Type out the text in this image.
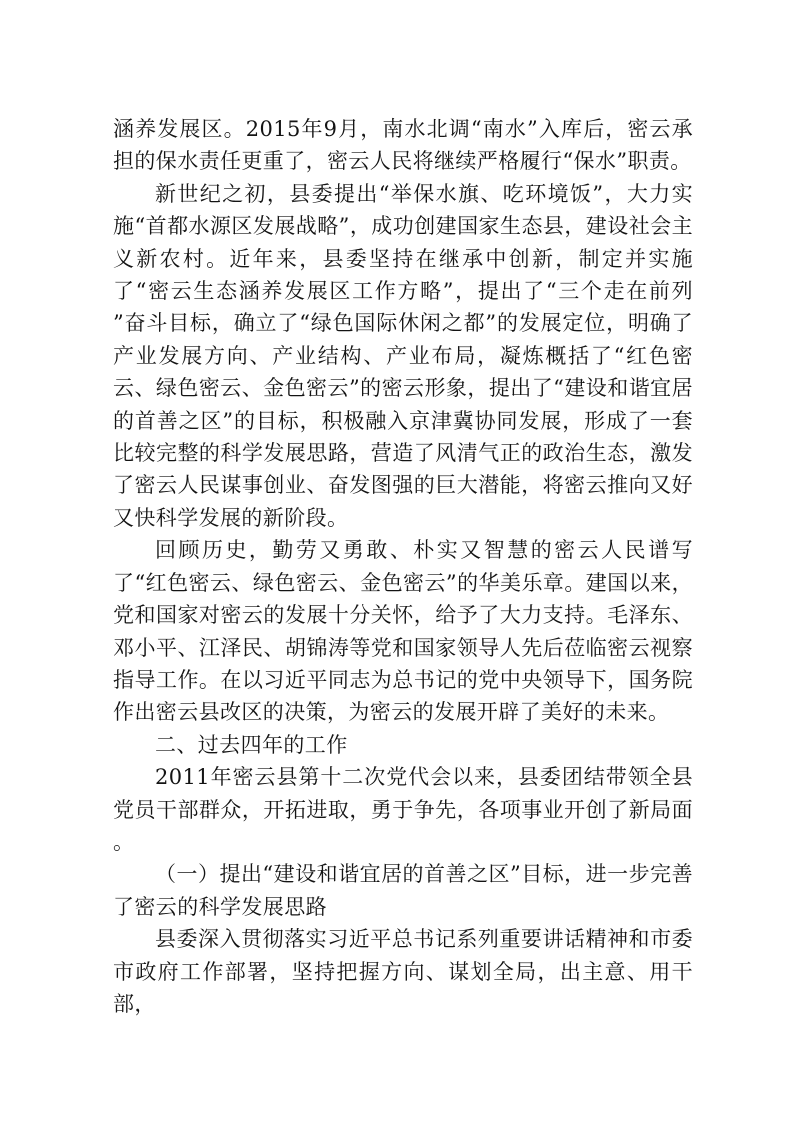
涵养发展区。2015年9月，南水北调“南水”入库后，密云承担的保水责任更重了，密云人民将继续严格履行“保水”职责。

新世纪之初，县委提出“举保水旗、吃环境饭”，大力实施“首都水源区发展战略”，成功创建国家生态县，建设社会主义新农村。近年来，县委坚持在继承中创新，制定并实施了“密云生态涵养发展区工作方略”，提出了“三个走在前列 ”奋斗目标，确立了“绿色国际休闲之都”的发展定位，明确了产业发展方向、产业结构、产业布局，凝炼概括了“红色密云、绿色密云、金色密云”的密云形象，提出了“建设和谐宜居的首善之区”的目标，积极融入京津冀协同发展，形成了一套比较完整的科学发展思路，营造了风清气正的政治生态，激发了密云人民谋事创业、奋发图强的巨大潜能，将密云推向又好又快科学发展的新阶段。

回顾历史，勤劳又勇敢、朴实又智慧的密云人民谱写了“红色密云、绿色密云、金色密云”的华美乐章。建国以来，党和国家对密云的发展十分关怀，给予了大力支持。毛泽东、邓小平、江泽民、胡锦涛等党和国家领导人先后莅临密云视察指导工作。在以习近平同志为总书记的党中央领导下，国务院作出密云县改区的决策，为密云的发展开辟了美好的未来。

二、过去四年的工作

2011年密云县第十二次党代会以来，县委团结带领全县党员干部群众，开拓进取，勇于争先，各项事业开创了新局面 。

（一）提出“建设和谐宜居的首善之区”目标，进一步完善了密云的科学发展思路

县委深入贯彻落实习近平总书记系列重要讲话精神和市委市政府工作部署，坚持把握方向、谋划全局，出主意、用干部，
